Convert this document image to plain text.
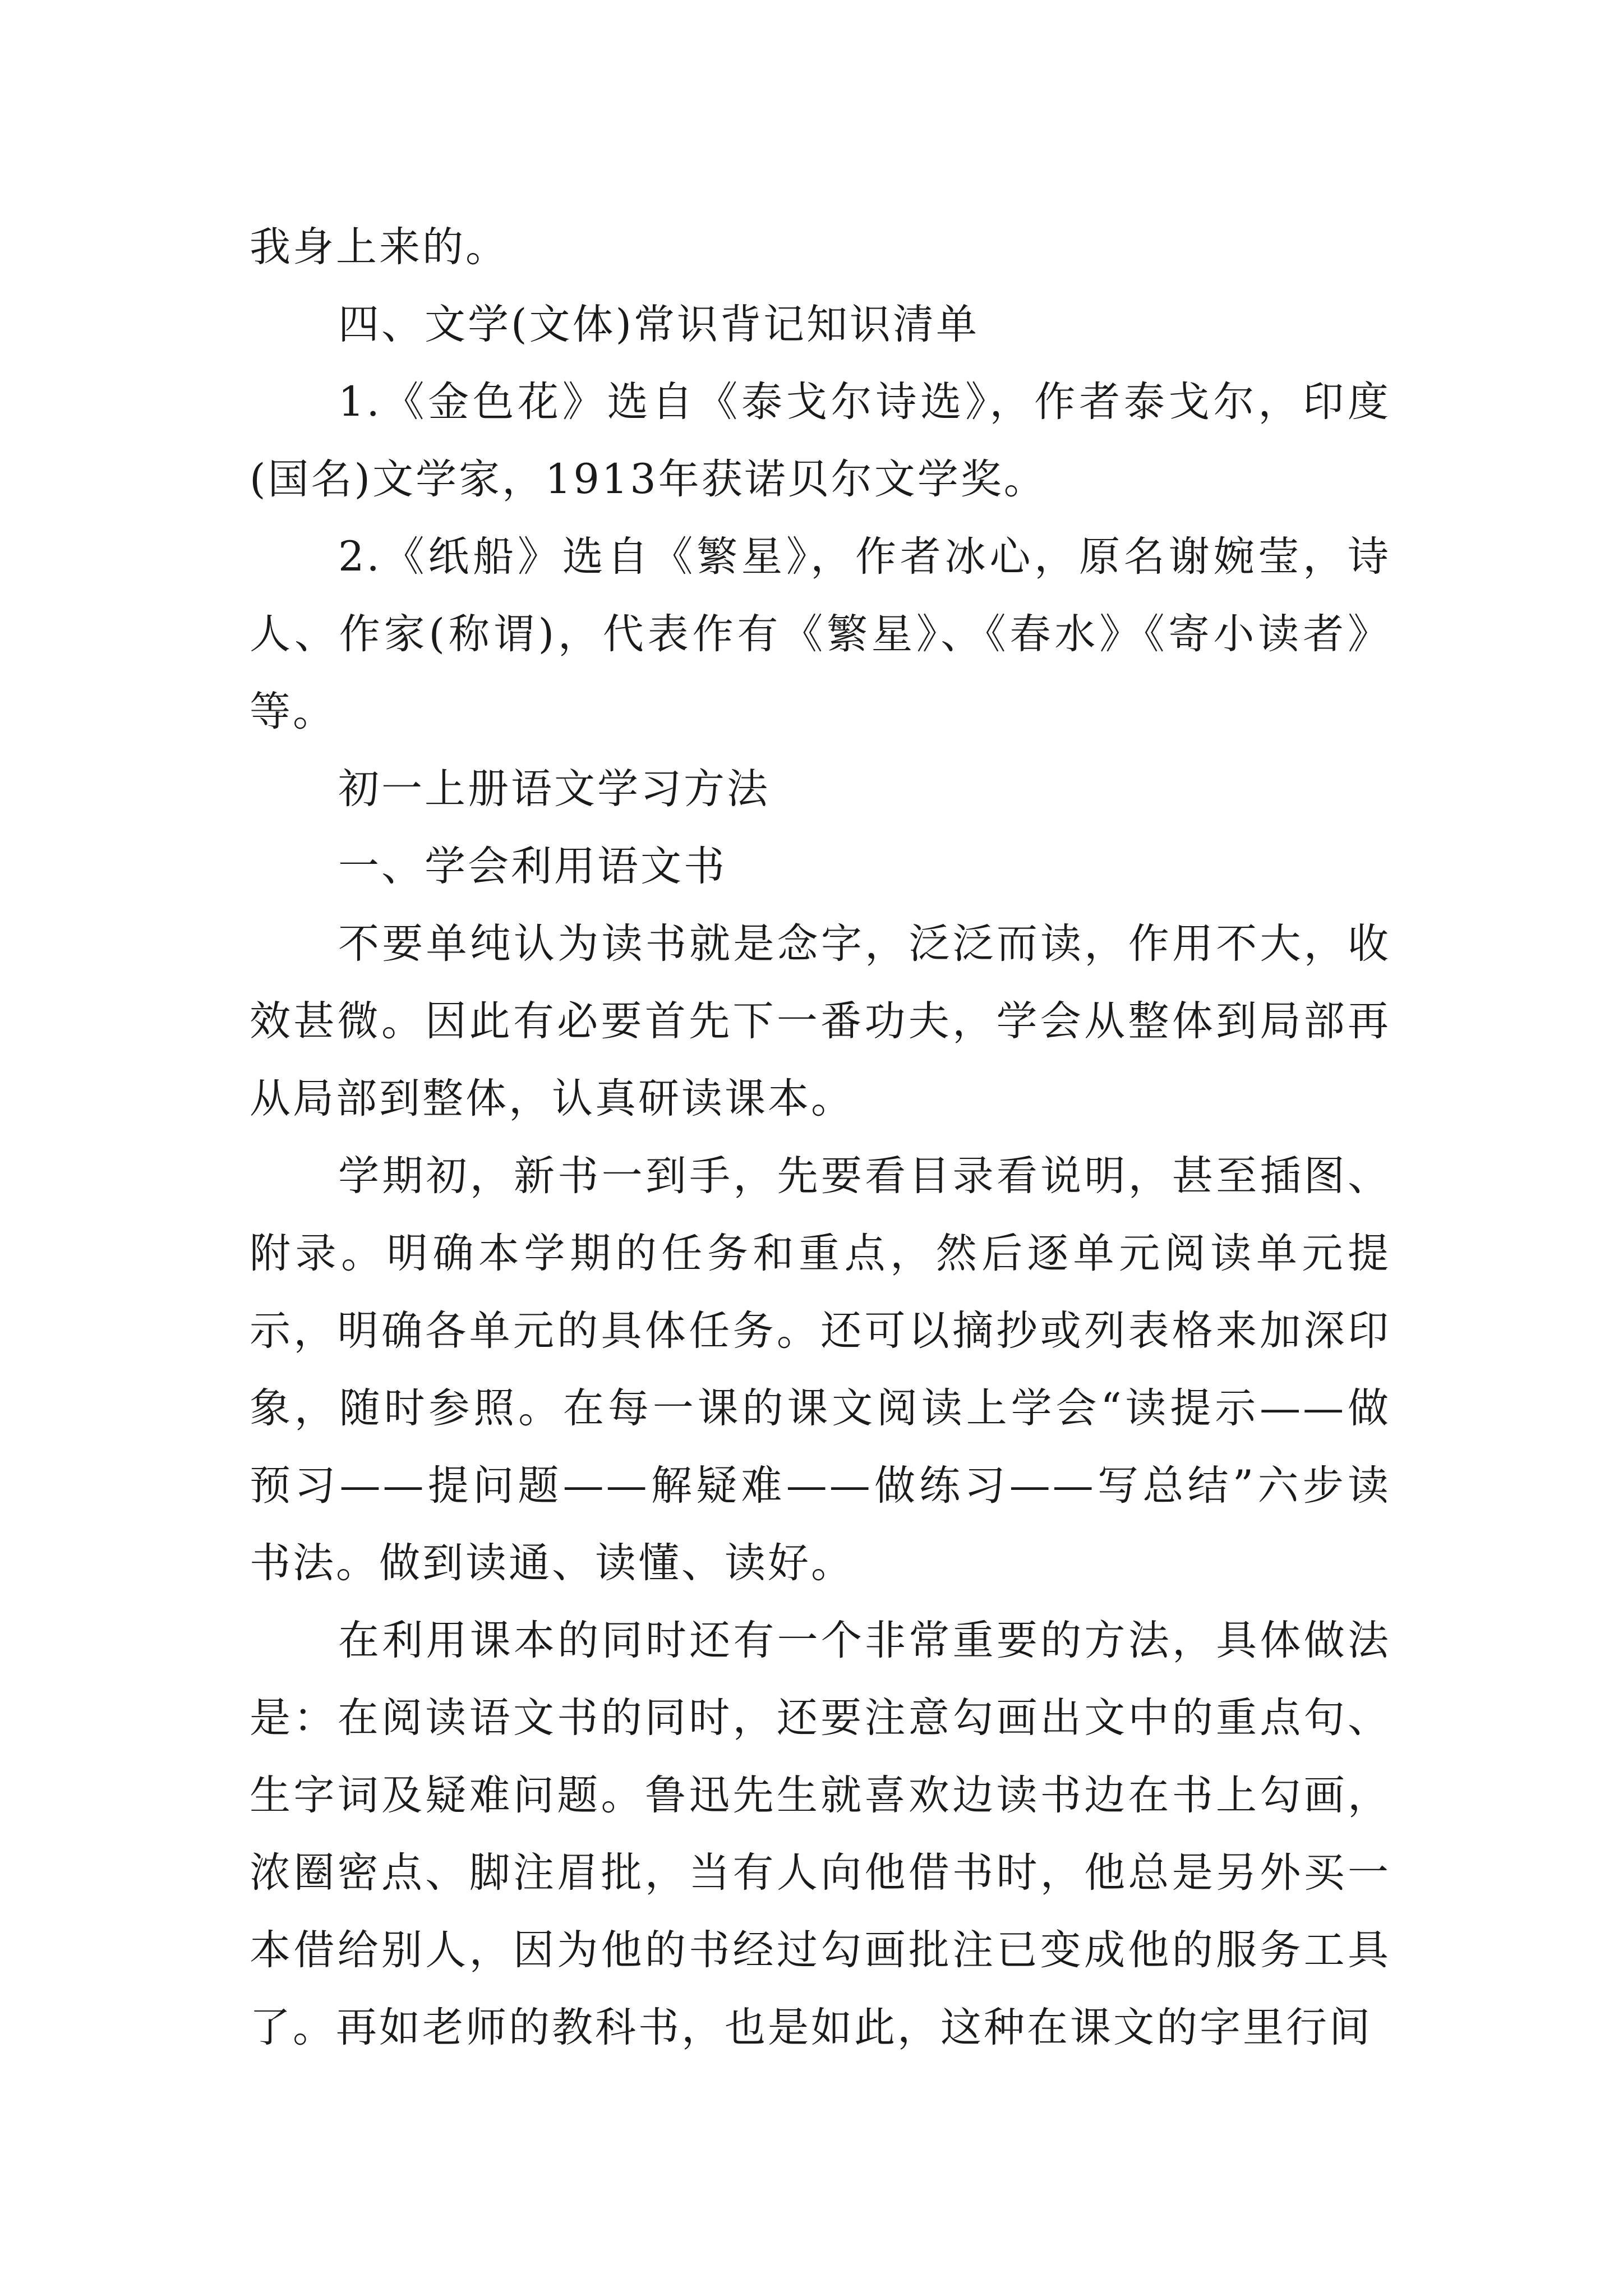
我身上来的。

四、文学(文体)常识背记知识清单

1.《金色花》选自《泰戈尔诗选》，作者泰戈尔，印度(国名)文学家，1913年获诺贝尔文学奖。

2.《纸船》选自《繁星》，作者冰心，原名谢婉莹，诗人、作家(称谓)，代表作有《繁星》、《春水》《寄小读者》等。

初一上册语文学习方法

一、学会利用语文书

不要单纯认为读书就是念字，泛泛而读，作用不大，收效甚微。因此有必要首先下一番功夫，学会从整体到局部再从局部到整体，认真研读课本。

学期初，新书一到手，先要看目录看说明，甚至插图、附录。明确本学期的任务和重点，然后逐单元阅读单元提示，明确各单元的具体任务。还可以摘抄或列表格来加深印象，随时参照。在每一课的课文阅读上学会“读提示——做预习——提问题——解疑难——做练习——写总结”六步读书法。做到读通、读懂、读好。

在利用课本的同时还有一个非常重要的方法，具体做法是：在阅读语文书的同时，还要注意勾画出文中的重点句、生字词及疑难问题。鲁迅先生就喜欢边读书边在书上勾画，浓圈密点、脚注眉批，当有人向他借书时，他总是另外买一本借给别人，因为他的书经过勾画批注已变成他的服务工具了。再如老师的教科书，也是如此，这种在课文的字里行间
